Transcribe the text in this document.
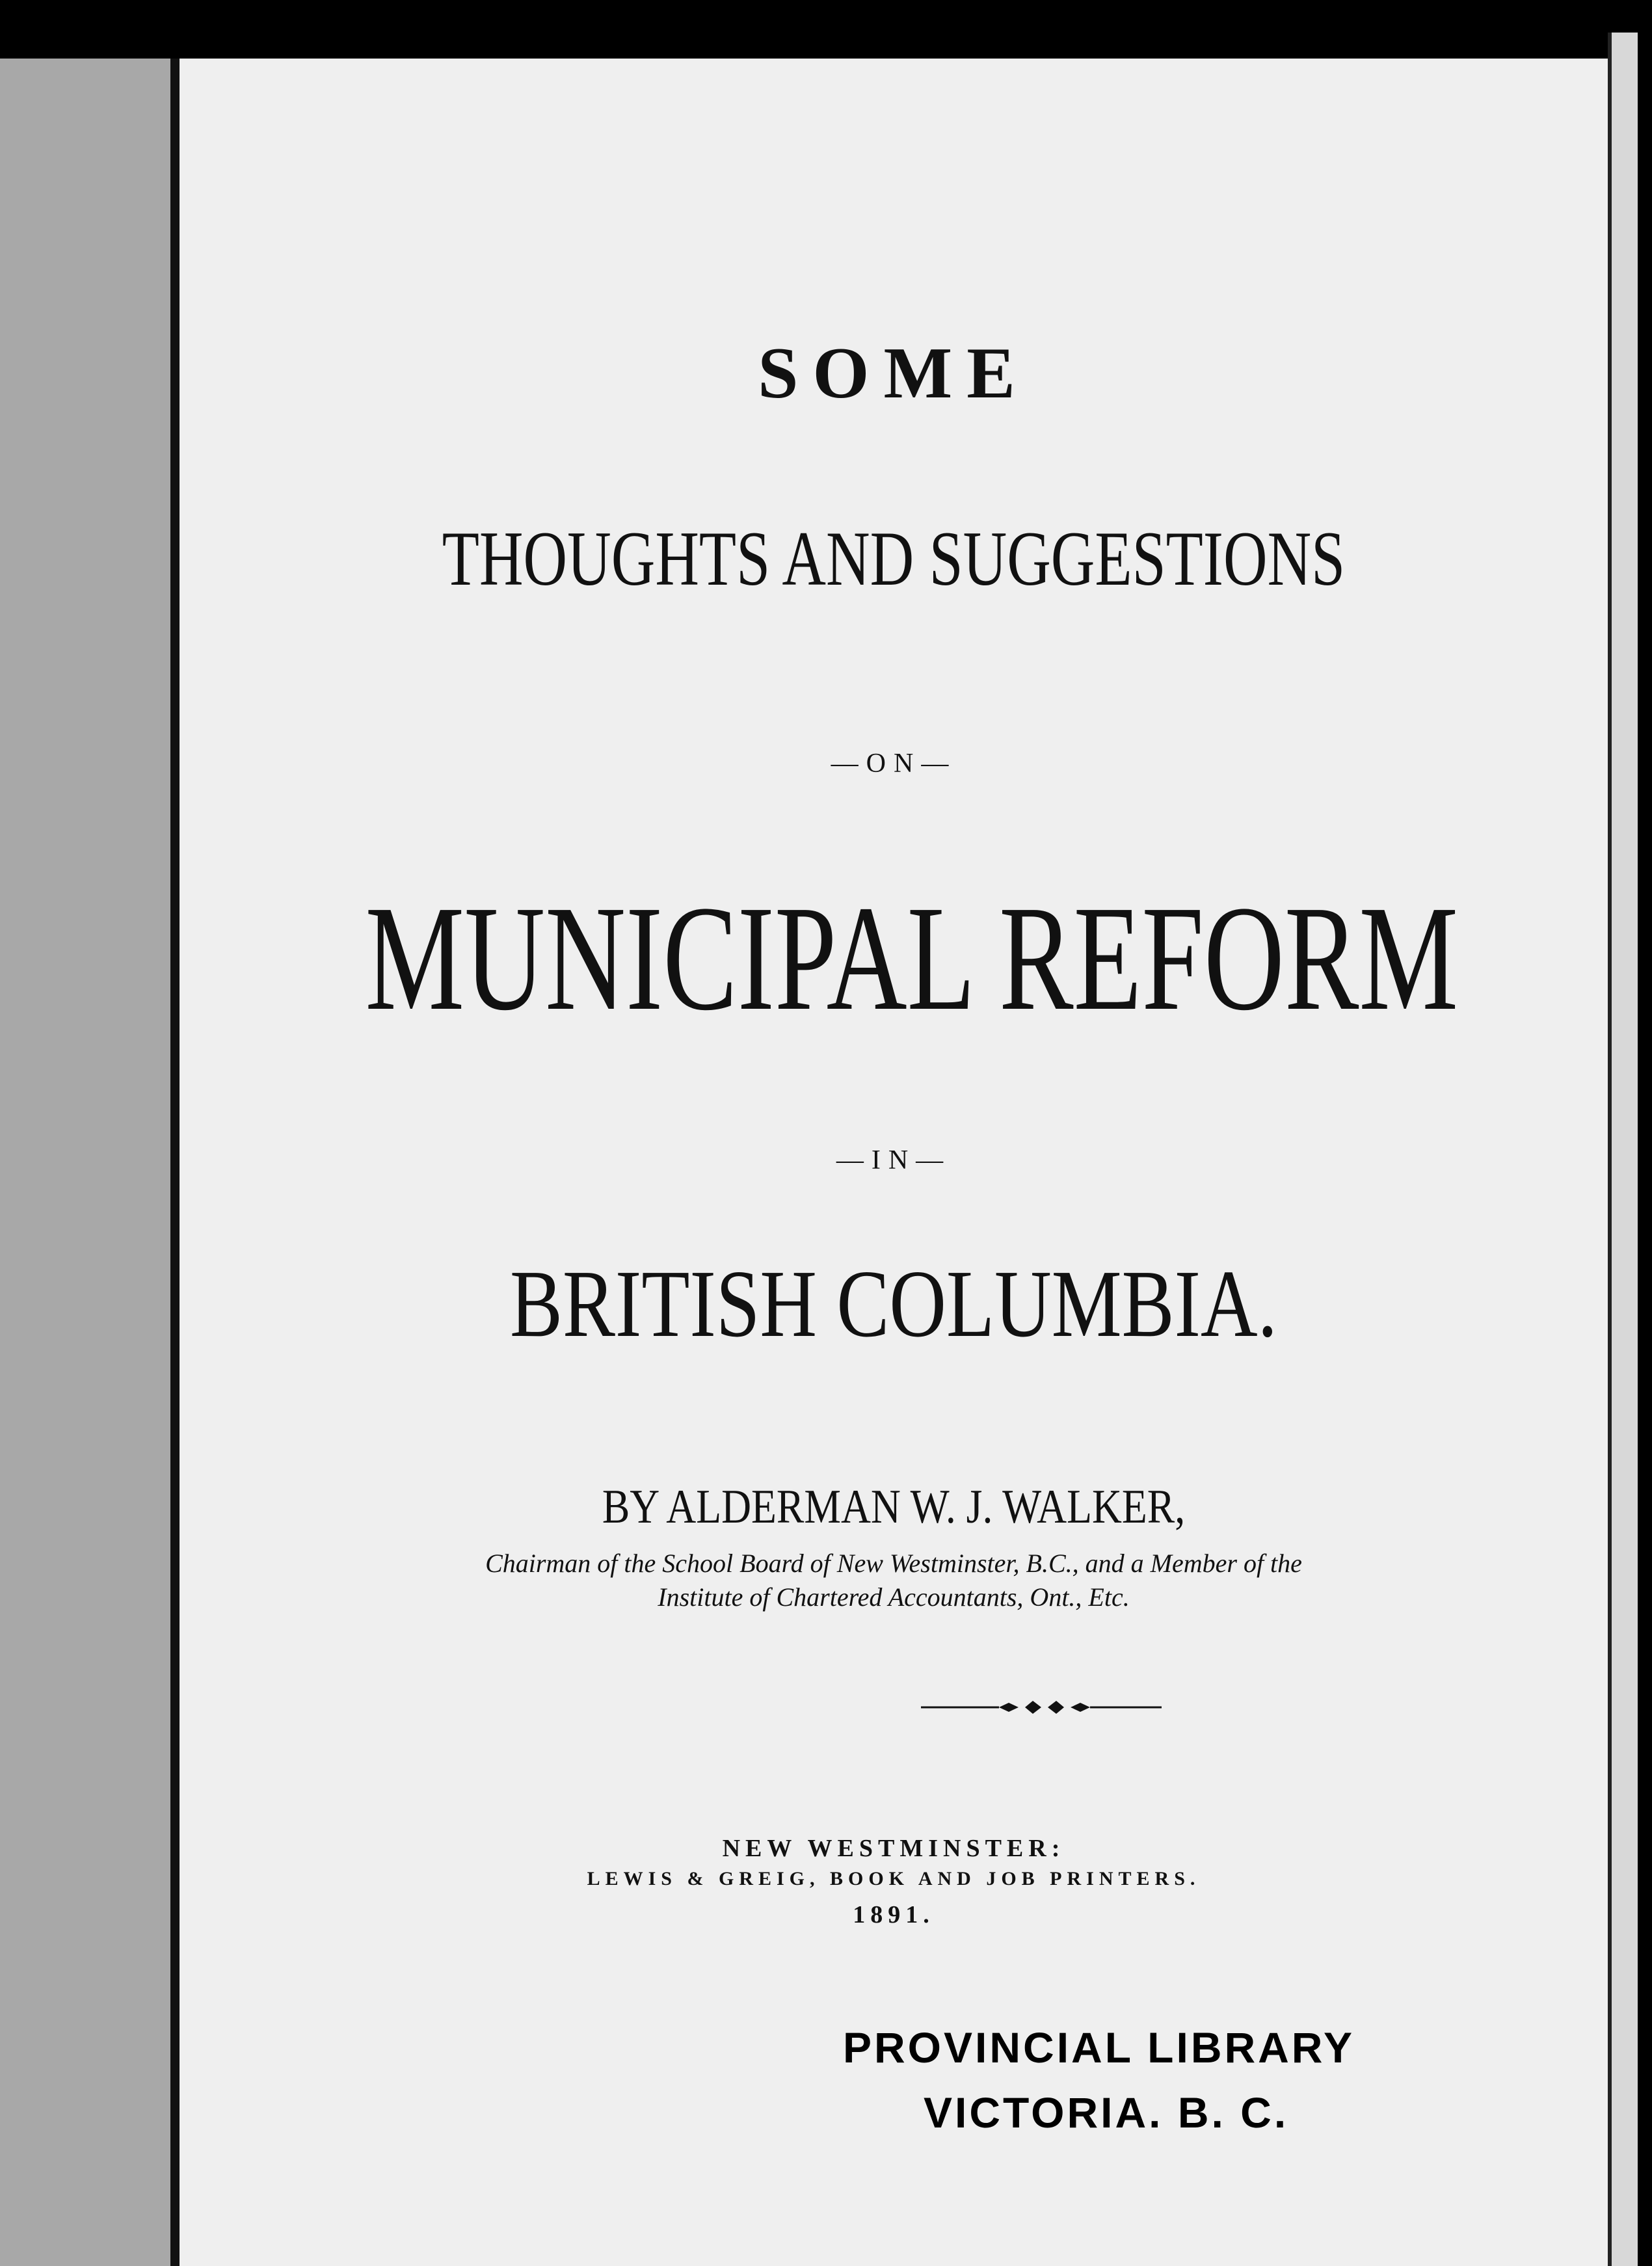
SOME
THOUGHTS AND SUGGESTIONS
—ON—
MUNICIPAL REFORM
—IN—
BRITISH COLUMBIA.
BY ALDERMAN W. J. WALKER,
Chairman of the School Board of New Westminster, B.C., and a Member of the
Institute of Chartered Accountants, Ont., Etc.
NEW WESTMINSTER:
LEWIS & GREIG, BOOK AND JOB PRINTERS.
1891.
PROVINCIAL LIBRARY
VICTORIA. B. C.
